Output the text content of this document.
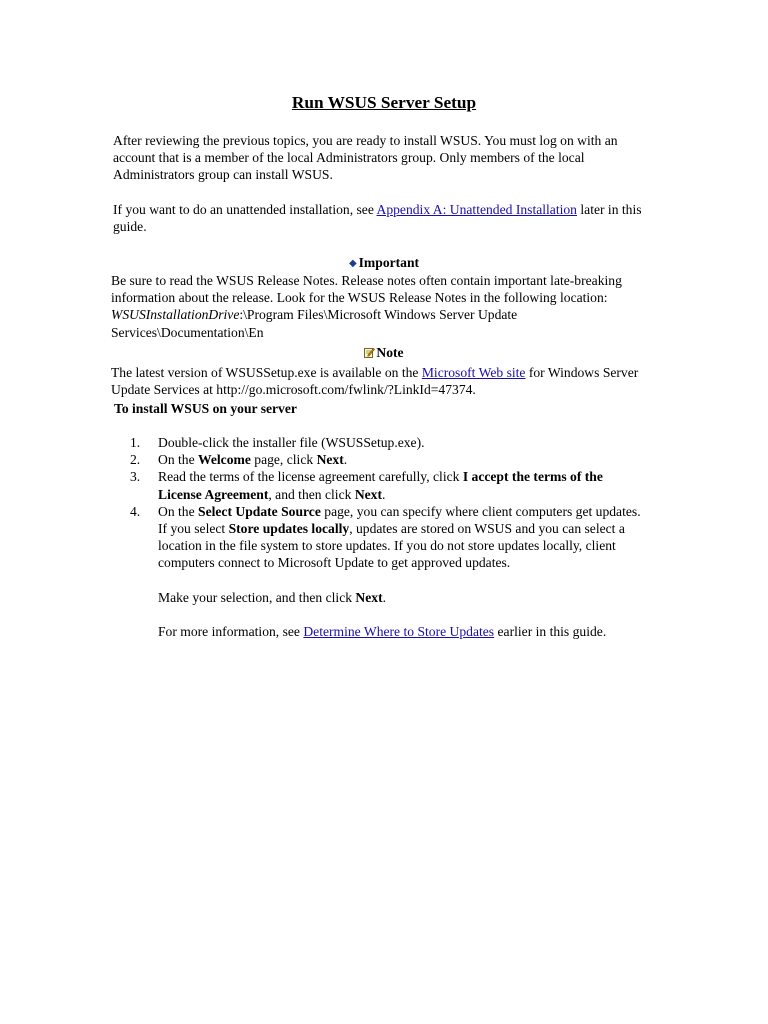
Run WSUS Server Setup

After reviewing the previous topics, you are ready to install WSUS. You must log on with an account that is a member of the local Administrators group. Only members of the local Administrators group can install WSUS.

If you want to do an unattended installation, see Appendix A: Unattended Installation later in this guide.

◆ Important

Be sure to read the WSUS Release Notes. Release notes often contain important late-breaking information about the release. Look for the WSUS Release Notes in the following location: WSUSInstallationDrive:\Program Files\Microsoft Windows Server Update Services\Documentation\En

Note

The latest version of WSUSSetup.exe is available on the Microsoft Web site for Windows Server Update Services at http://go.microsoft.com/fwlink/?LinkId=47374.

To install WSUS on your server
1.	Double-click the installer file (WSUSSetup.exe).
2.	On the Welcome page, click Next.
3.	Read the terms of the license agreement carefully, click I accept the terms of the License Agreement, and then click Next.
4.	On the Select Update Source page, you can specify where client computers get updates. If you select Store updates locally, updates are stored on WSUS and you can select a location in the file system to store updates. If you do not store updates locally, client computers connect to Microsoft Update to get approved updates.
Make your selection, and then click Next.
For more information, see Determine Where to Store Updates earlier in this guide.
